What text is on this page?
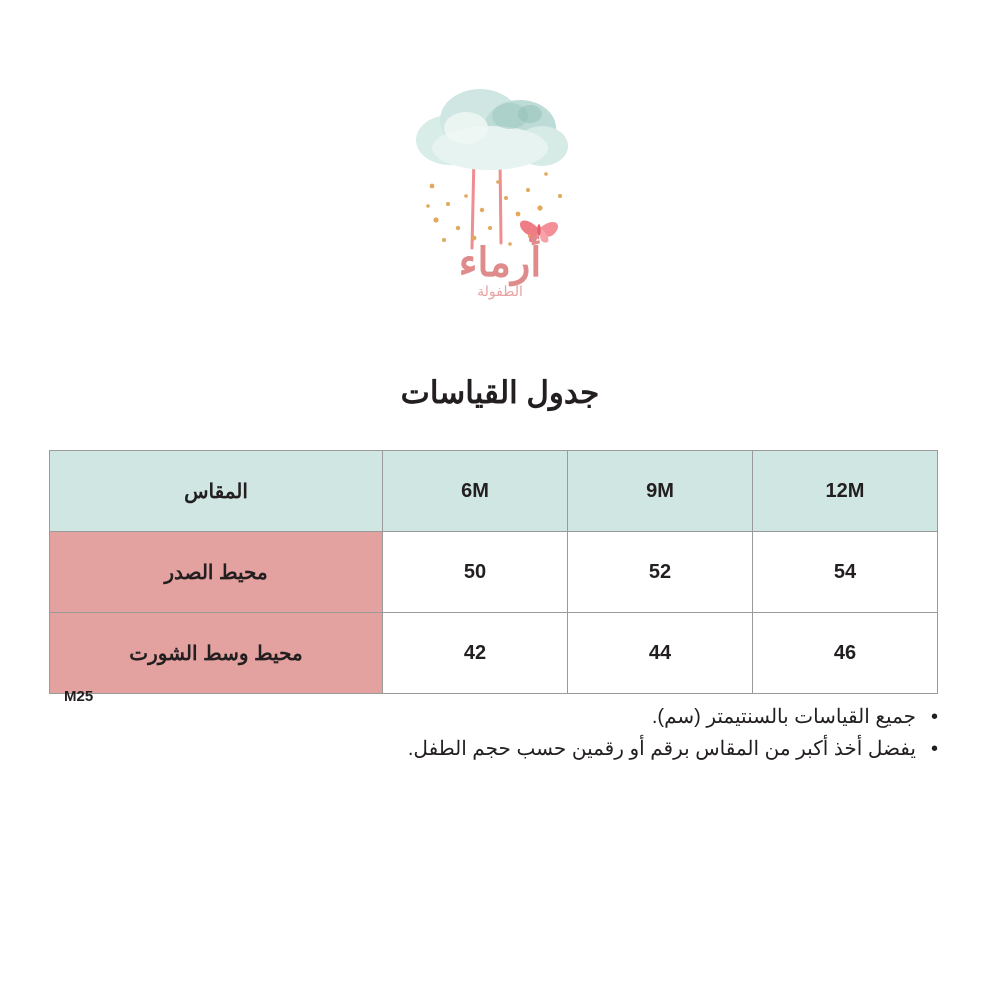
أرماء
الطفولة
جدول القياسات
12M	9M	6M	المقاس
54	52	50	محيط الصدر
46	44	42	محيط وسط الشورت
M25
•
جميع القياسات بالسنتيمتر (سم).
•
يفضل أخذ أكبر من المقاس برقم أو رقمين حسب حجم الطفل.
